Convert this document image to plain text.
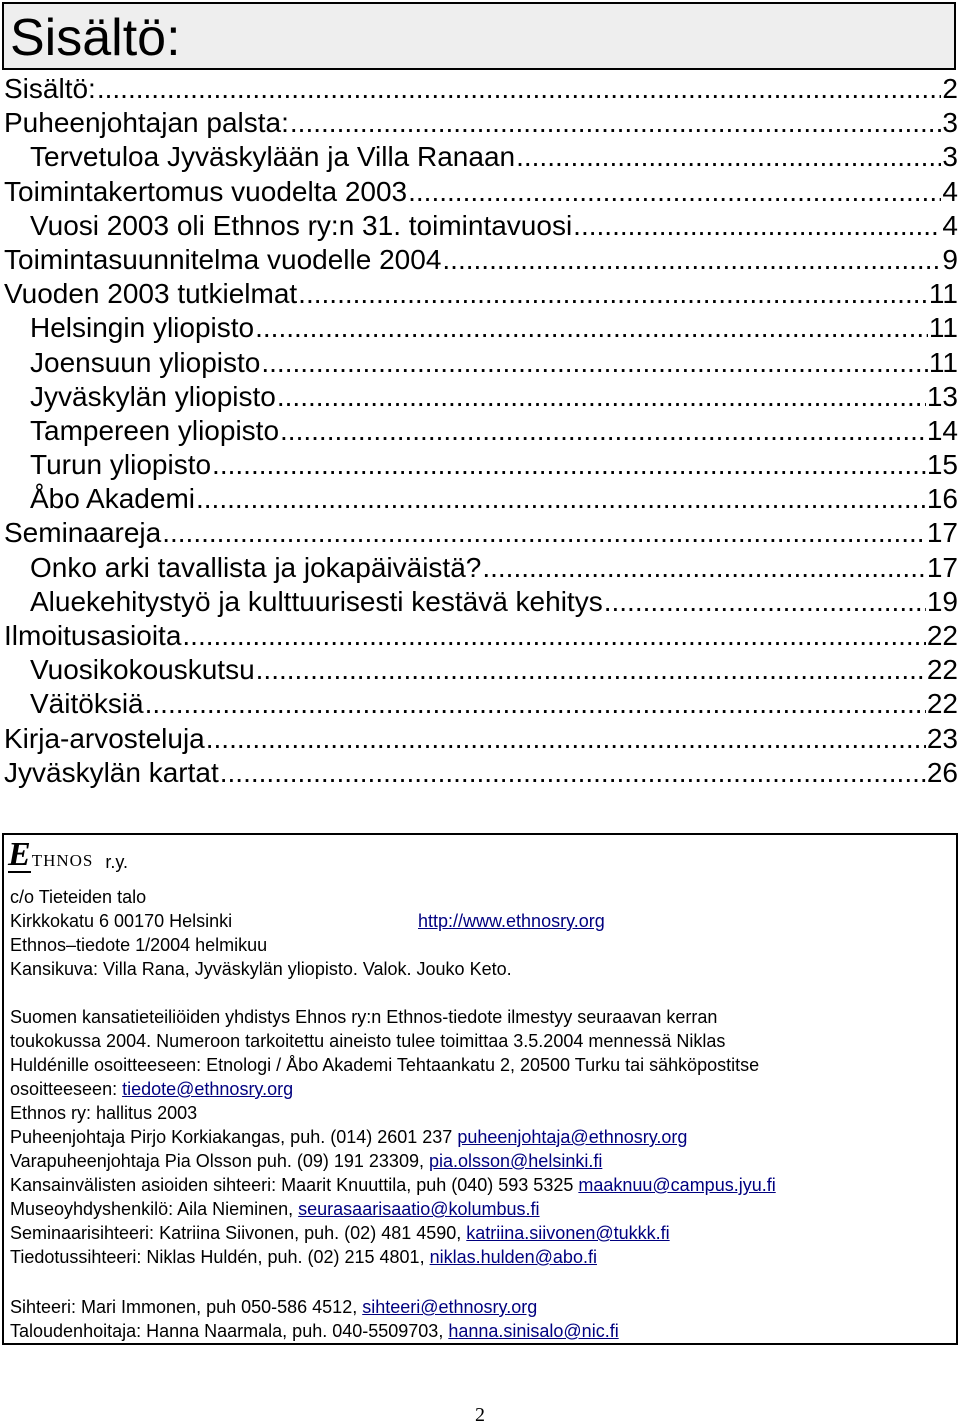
Sisältö:
Sisältö: .....	2
Puheenjohtajan palsta: .....	3
Tervetuloa Jyväskylään ja Villa Ranaan .....	3
Toimintakertomus vuodelta 2003 .....	4
Vuosi 2003 oli Ethnos ry:n 31. toimintavuosi .....	4
Toimintasuunnitelma vuodelle 2004 .....	9
Vuoden 2003 tutkielmat .....	11
Helsingin yliopisto .....	11
Joensuun yliopisto .....	11
Jyväskylän yliopisto .....	13
Tampereen yliopisto .....	14
Turun yliopisto .....	15
Åbo Akademi .....	16
Seminaareja .....	17
Onko arki tavallista ja jokapäiväistä? .....	17
Aluekehitystyö ja kulttuurisesti kestävä kehitys .....	19
Ilmoitusasioita .....	22
Vuosikokouskutsu .....	22
Väitöksiä .....	22
Kirja-arvosteluja .....	23
Jyväskylän kartat .....	26
E THNOS r.y.
c/o Tieteiden talo
Kirkkokatu 6 00170 Helsinki	http://www.ethnosry.org
Ethnos–tiedote 1/2004 helmikuu
Kansikuva: Villa Rana, Jyväskylän yliopisto. Valok. Jouko Keto.
Suomen kansatieteiliöiden yhdistys Ehnos ry:n Ethnos-tiedote ilmestyy seuraavan kerran
toukokussa 2004. Numeroon tarkoitettu aineisto tulee toimittaa 3.5.2004 mennessä Niklas
Huldénille osoitteeseen: Etnologi / Åbo Akademi Tehtaankatu 2, 20500 Turku tai sähköpostitse
osoitteeseen: tiedote@ethnosry.org
Ethnos ry: hallitus 2003
Puheenjohtaja Pirjo Korkiakangas, puh. (014) 2601 237 puheenjohtaja@ethnosry.org
Varapuheenjohtaja Pia Olsson puh. (09) 191 23309, pia.olsson@helsinki.fi
Kansainvälisten asioiden sihteeri: Maarit Knuuttila, puh (040) 593 5325 maaknuu@campus.jyu.fi
Museoyhdyshenkilö: Aila Nieminen, seurasaarisaatio@kolumbus.fi
Seminaarisihteeri: Katriina Siivonen, puh. (02) 481 4590, katriina.siivonen@tukkk.fi
Tiedotussihteeri: Niklas Huldén, puh. (02) 215 4801, niklas.hulden@abo.fi
Sihteeri: Mari Immonen, puh 050-586 4512, sihteeri@ethnosry.org
Taloudenhoitaja: Hanna Naarmala, puh. 040-5509703, hanna.sinisalo@nic.fi
2
